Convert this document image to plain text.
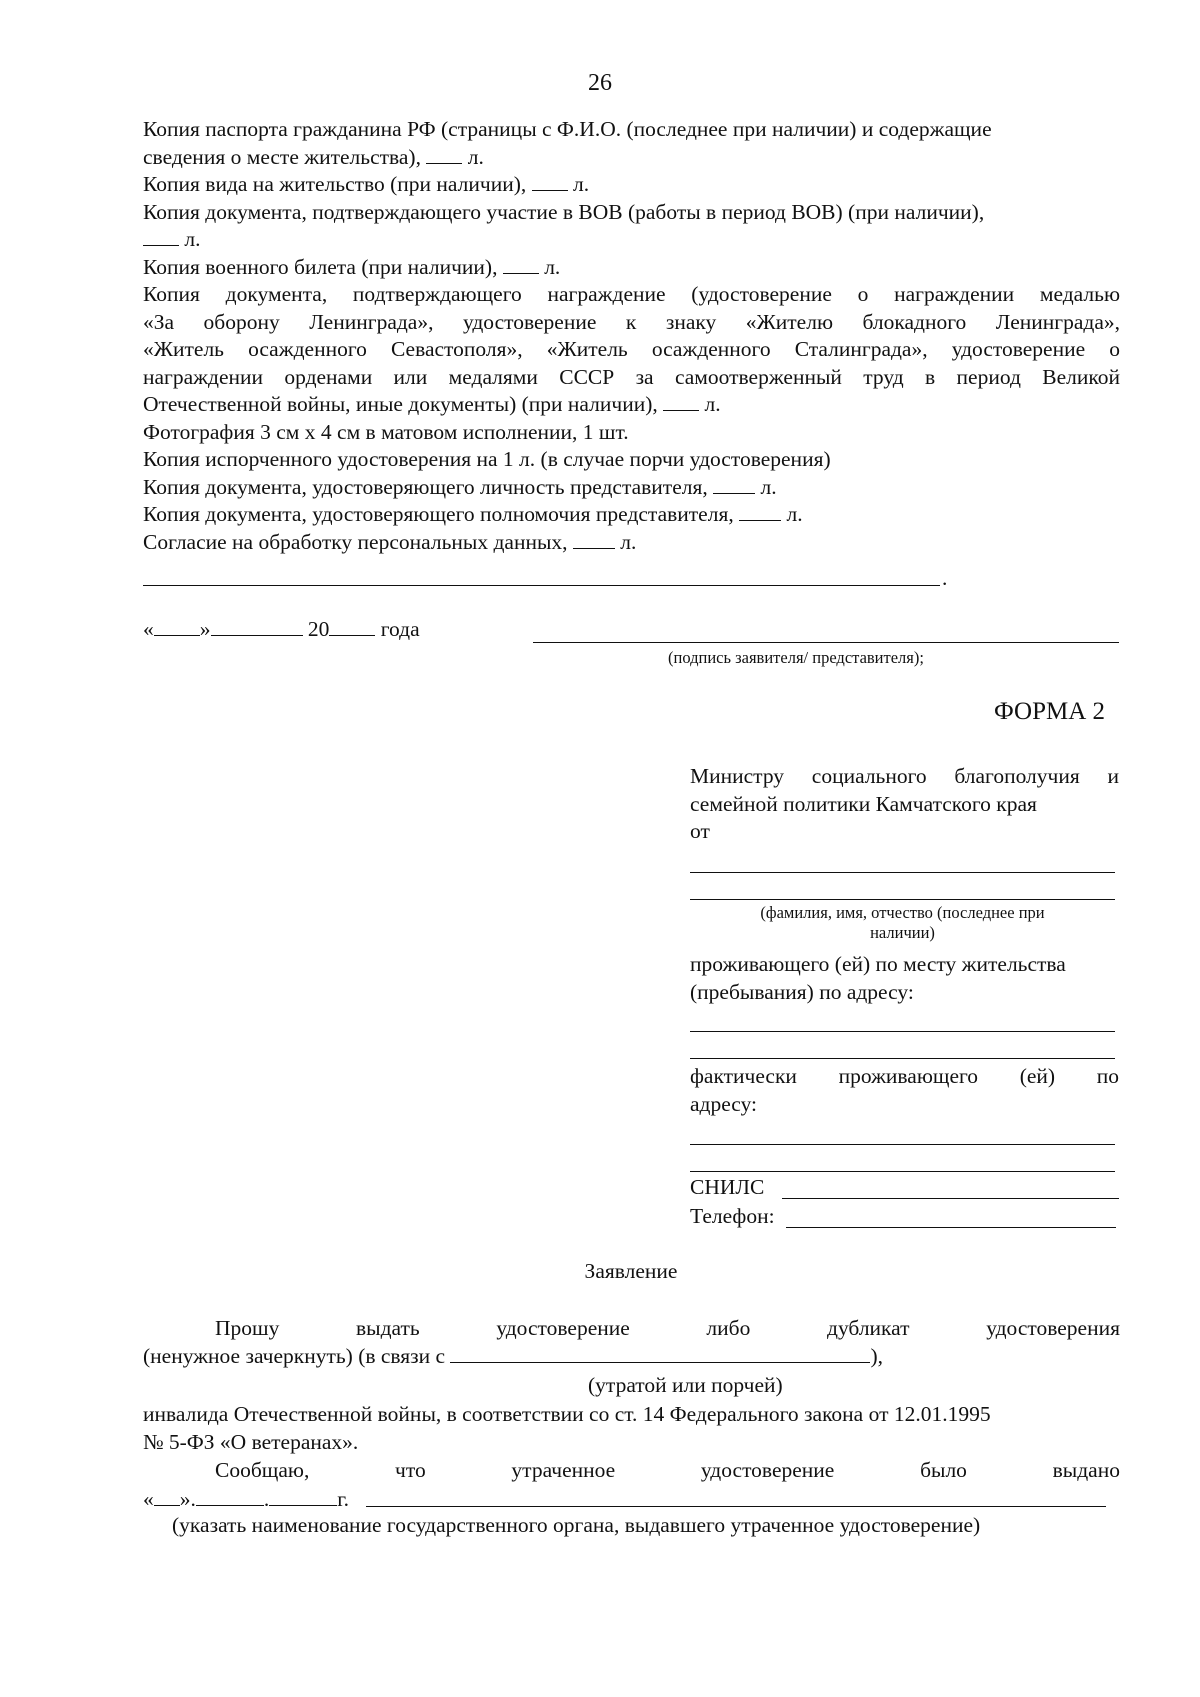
26
Копия паспорта гражданина РФ (страницы с Ф.И.О. (последнее при наличии) и содержащие
сведения о месте жительства), л.
Копия вида на жительство (при наличии), л.
Копия документа, подтверждающего участие в ВОВ (работы в период ВОВ) (при наличии),
л.
Копия военного билета (при наличии), л.
Копия документа, подтверждающего награждение (удостоверение о награждении медалью
«За оборону Ленинграда», удостоверение к знаку «Жителю блокадного Ленинграда»,
«Житель осажденного Севастополя», «Житель осажденного Сталинграда», удостоверение о
награждении орденами или медалями СССР за самоотверженный труд в период Великой
Отечественной войны, иные документы) (при наличии), л.
Фотография 3 см х 4 см в матовом исполнении, 1 шт.
Копия испорченного удостоверения на 1 л. (в случае порчи удостоверения)
Копия документа, удостоверяющего личность представителя, л.
Копия документа, удостоверяющего полномочия представителя, л.
Согласие на обработку персональных данных, л.
.
« »	20 года
(подпись заявителя/ представителя);
ФОРМА 2
Министру социального благополучия и
семейной политики Камчатского края
от
(фамилия, имя, отчество (последнее при
наличии)
проживающего (ей) по месту жительства
(пребывания) по адресу:
фактически проживающего (ей) по
адресу:
СНИЛС
Телефон:
Заявление
Прошу выдать удостоверение либо дубликат удостоверения
(ненужное зачеркнуть) (в связи с	),
(утратой или порчей)
инвалида Отечественной войны, в соответствии со ст. 14 Федерального закона от 12.01.1995
№ 5-ФЗ «О ветеранах».
Сообщаю, что утраченное удостоверение было выдано
« ».	.	г.
(указать наименование государственного органа, выдавшего утраченное удостоверение)
